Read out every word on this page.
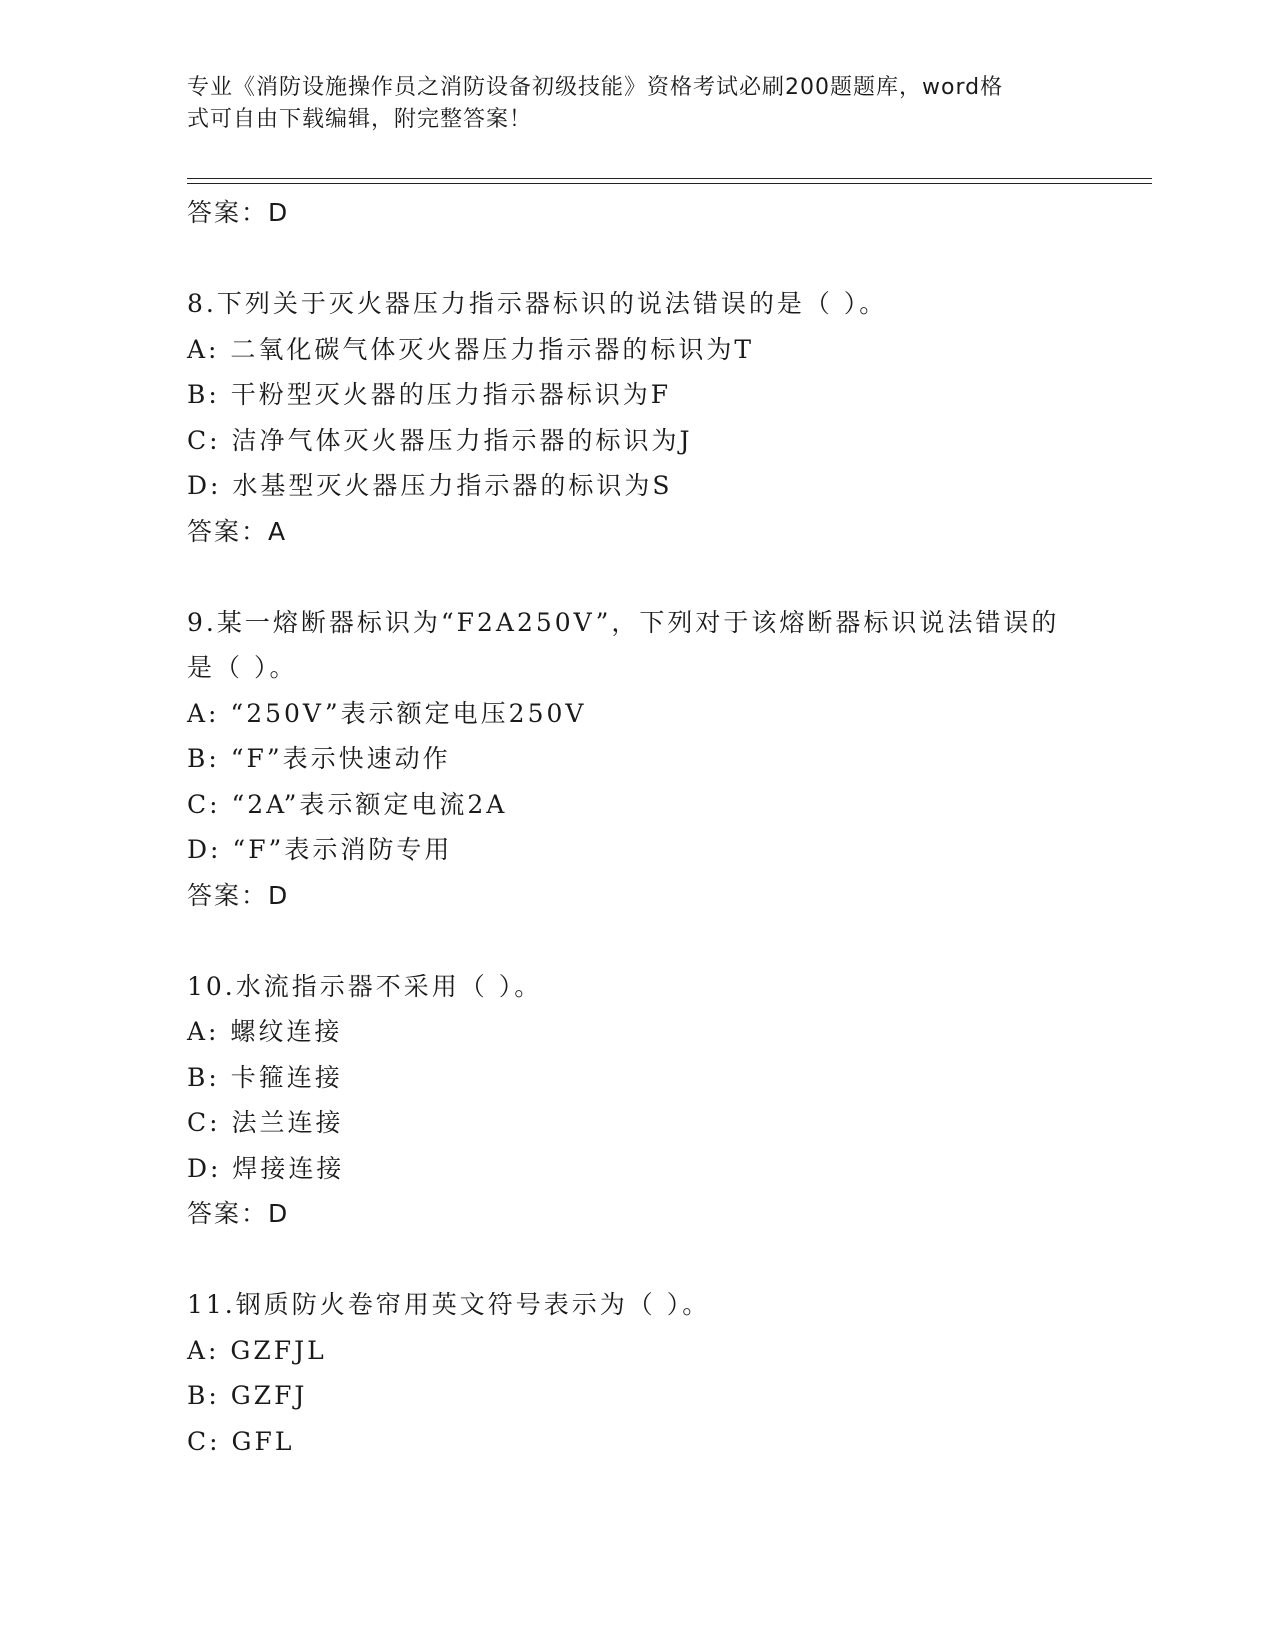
专业《消防设施操作员之消防设备初级技能》资格考试必刷200题题库，word格
式可自由下载编辑，附完整答案！

答案：D

8.下列关于灭火器压力指示器标识的说法错误的是（ ）。

A: 二氧化碳气体灭火器压力指示器的标识为T

B: 干粉型灭火器的压力指示器标识为F

C: 洁净气体灭火器压力指示器的标识为J

D: 水基型灭火器压力指示器的标识为S

答案：A

9.某一熔断器标识为“F2A250V”，下列对于该熔断器标识说法错误的

是（ ）。

A: “250V”表示额定电压250V

B: “F”表示快速动作

C: “2A”表示额定电流2A

D: “F”表示消防专用

答案：D

10.水流指示器不采用（ ）。

A: 螺纹连接

B: 卡箍连接

C: 法兰连接

D: 焊接连接

答案：D

11.钢质防火卷帘用英文符号表示为（ ）。

A: GZFJL

B: GZFJ

C: GFL
